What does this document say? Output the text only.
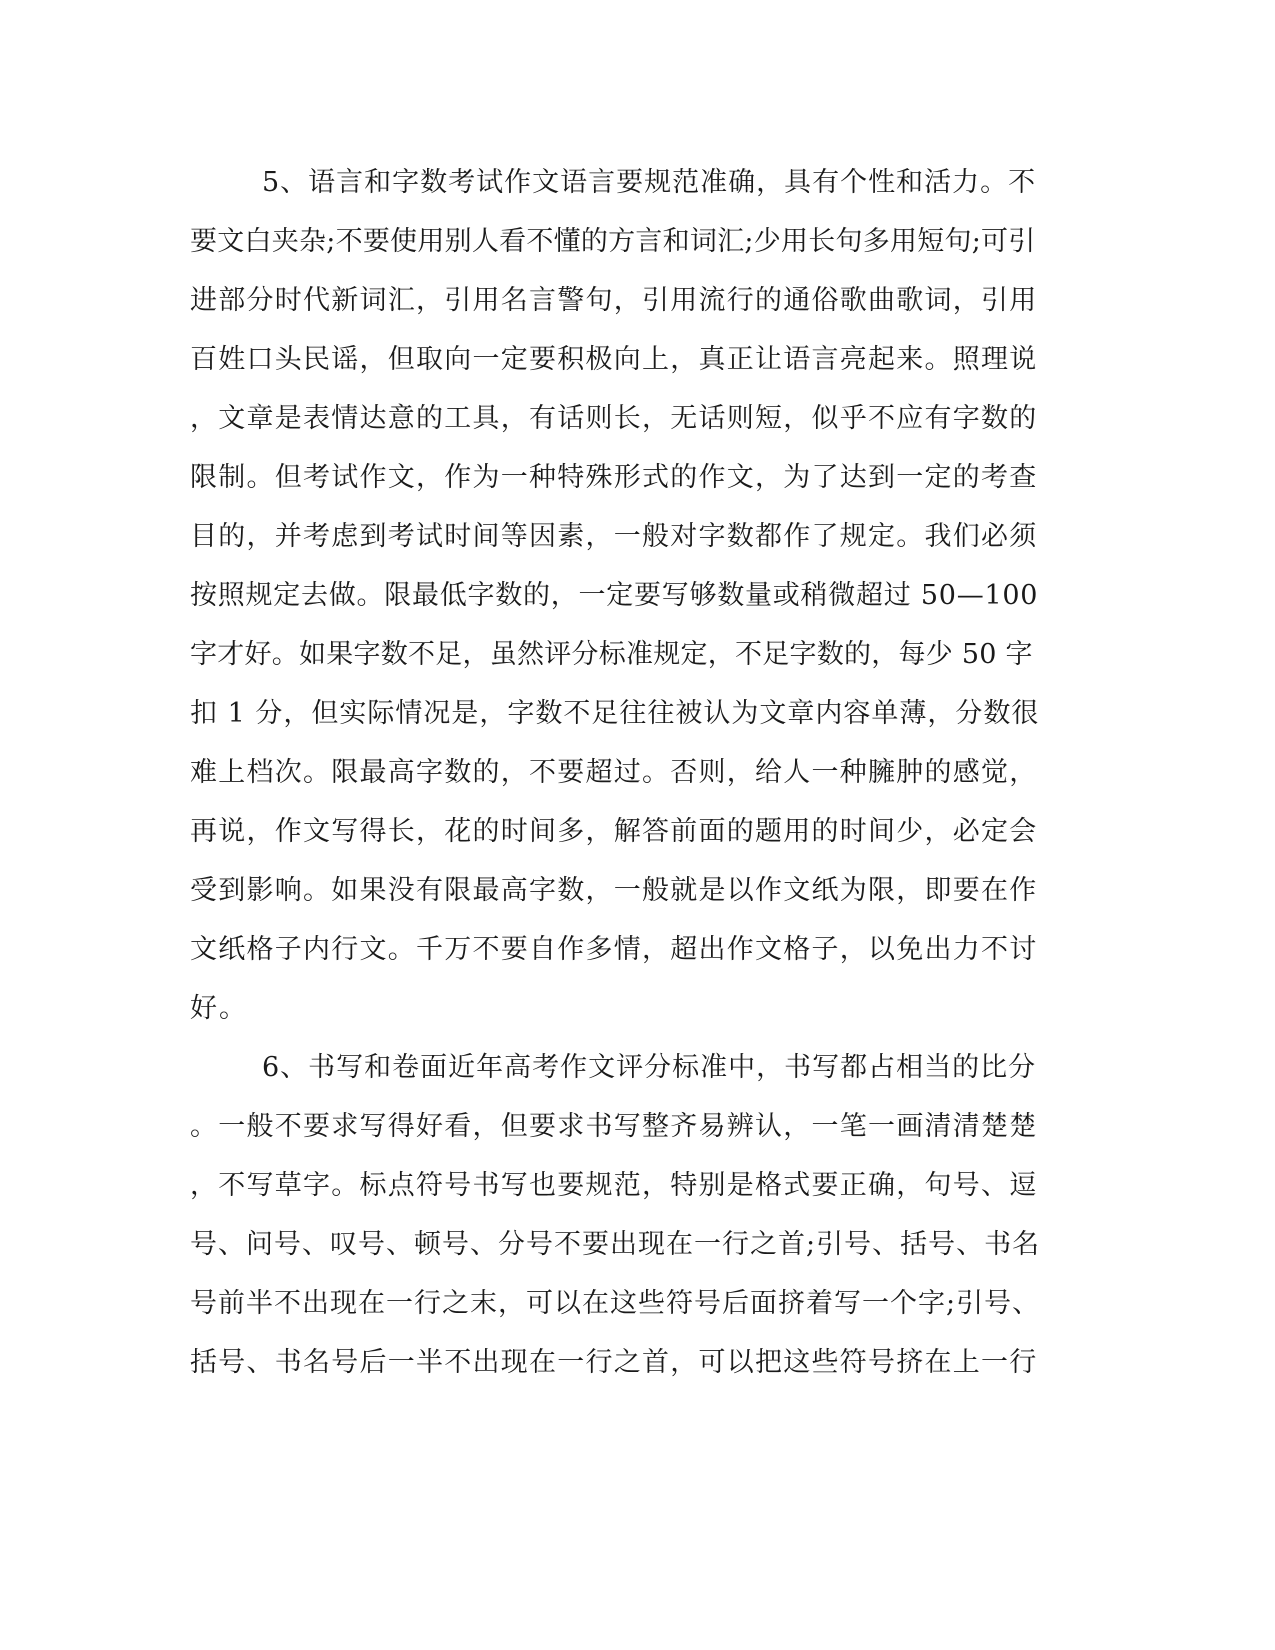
5、语言和字数考试作文语言要规范准确，具有个性和活力。不
要文白夹杂;不要使用别人看不懂的方言和词汇;少用长句多用短句;可引
进部分时代新词汇，引用名言警句，引用流行的通俗歌曲歌词，引用
百姓口头民谣，但取向一定要积极向上，真正让语言亮起来。照理说
，文章是表情达意的工具，有话则长，无话则短，似乎不应有字数的
限制。但考试作文，作为一种特殊形式的作文，为了达到一定的考查
目的，并考虑到考试时间等因素，一般对字数都作了规定。我们必须
按照规定去做。限最低字数的，一定要写够数量或稍微超过 50—100
字才好。如果字数不足，虽然评分标准规定，不足字数的，每少 50 字
扣 1 分，但实际情况是，字数不足往往被认为文章内容单薄，分数很
难上档次。限最高字数的，不要超过。否则，给人一种臃肿的感觉，
再说，作文写得长，花的时间多，解答前面的题用的时间少，必定会
受到影响。如果没有限最高字数，一般就是以作文纸为限，即要在作
文纸格子内行文。千万不要自作多情，超出作文格子，以免出力不讨
好。
6、书写和卷面近年高考作文评分标准中，书写都占相当的比分
。一般不要求写得好看，但要求书写整齐易辨认，一笔一画清清楚楚
，不写草字。标点符号书写也要规范，特别是格式要正确，句号、逗
号、问号、叹号、顿号、分号不要出现在一行之首;引号、括号、书名
号前半不出现在一行之末，可以在这些符号后面挤着写一个字;引号、
括号、书名号后一半不出现在一行之首，可以把这些符号挤在上一行
